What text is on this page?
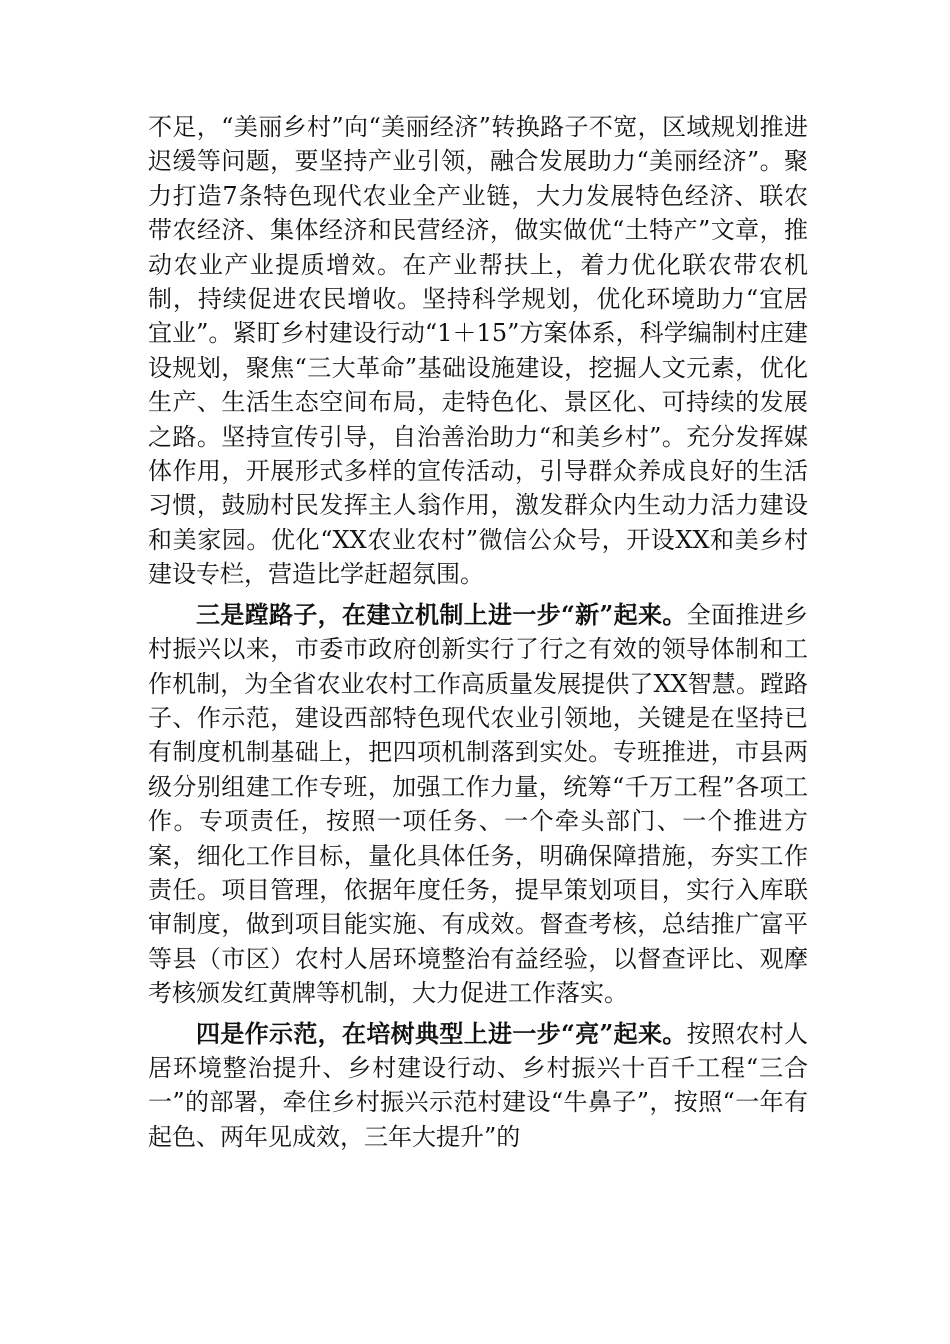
不足，“美丽乡村”向“美丽经济”转换路子不宽，区域规划推进迟缓等问题，要坚持产业引领，融合发展助力“美丽经济”。聚力打造7条特色现代农业全产业链，大力发展特色经济、联农带农经济、集体经济和民营经济，做实做优“土特产”文章，推动农业产业提质增效。在产业帮扶上，着力优化联农带农机制，持续促进农民增收。坚持科学规划，优化环境助力“宜居宜业”。紧盯乡村建设行动“1＋15”方案体系，科学编制村庄建设规划，聚焦“三大革命”基础设施建设，挖掘人文元素，优化生产、生活生态空间布局，走特色化、景区化、可持续的发展之路。坚持宣传引导，自治善治助力“和美乡村”。充分发挥媒体作用，开展形式多样的宣传活动，引导群众养成良好的生活习惯，鼓励村民发挥主人翁作用，激发群众内生动力活力建设和美家园。优化“XX农业农村”微信公众号，开设XX和美乡村建设专栏，营造比学赶超氛围。

三是蹚路子，在建立机制上进一步“新”起来。全面推进乡村振兴以来，市委市政府创新实行了行之有效的领导体制和工作机制，为全省农业农村工作高质量发展提供了XX智慧。蹚路子、作示范，建设西部特色现代农业引领地，关键是在坚持已有制度机制基础上，把四项机制落到实处。专班推进，市县两级分别组建工作专班，加强工作力量，统筹“千万工程”各项工作。专项责任，按照一项任务、一个牵头部门、一个推进方案，细化工作目标，量化具体任务，明确保障措施，夯实工作责任。项目管理，依据年度任务，提早策划项目，实行入库联审制度，做到项目能实施、有成效。督查考核，总结推广富平等县（市区）农村人居环境整治有益经验，以督查评比、观摩考核颁发红黄牌等机制，大力促进工作落实。

四是作示范，在培树典型上进一步“亮”起来。按照农村人居环境整治提升、乡村建设行动、乡村振兴十百千工程“三合一”的部署，牵住乡村振兴示范村建设“牛鼻子”，按照“一年有起色、两年见成效，三年大提升”的
